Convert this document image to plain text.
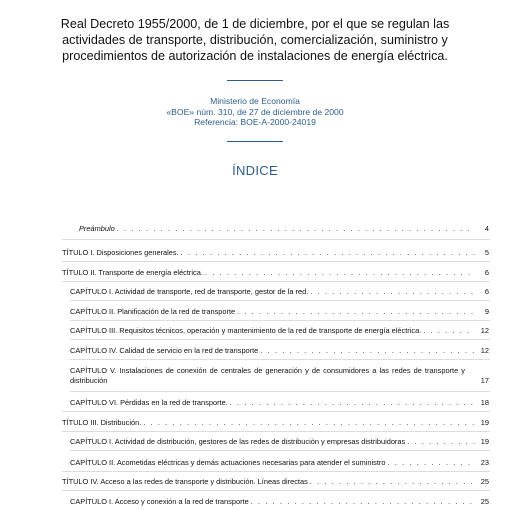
Real Decreto 1955/2000, de 1 de diciembre, por el que se regulan las
actividades de transporte, distribución, comercialización, suministro y
procedimientos de autorización de instalaciones de energía eléctrica.
Ministerio de Economía
«BOE» núm. 310, de 27 de diciembre de 2000
Referencia: BOE-A-2000-24019
ÍNDICE
Preámbulo . . .	4
TÍTULO I. Disposiciones generales. . . .	5
TÍTULO II. Transporte de energía eléctrica. . . .	6
CAPÍTULO I. Actividad de transporte, red de transporte, gestor de la red. . . .	6
CAPÍTULO II. Planificación de la red de transporte . . .	9
CAPÍTULO III. Requisitos técnicos, operación y mantenimiento de la red de transporte de energía eléctrica. . . .	12
CAPÍTULO IV. Calidad de servicio en la red de transporte . . .	12
CAPÍTULO V. Instalaciones de conexión de centrales de generación y de consumidores a las redes de transporte y distribución	17
CAPÍTULO VI. Pérdidas en la red de transporte. . . .	18
TÍTULO III. Distribución. . . .	19
CAPÍTULO I. Actividad de distribución, gestores de las redes de distribución y empresas distribuidoras . . .	19
CAPÍTULO II. Acometidas eléctricas y demás actuaciones necesarias para atender el suministro . . .	23
TÍTULO IV. Acceso a las redes de transporte y distribución. Líneas directas . . .	25
CAPÍTULO I. Acceso y conexión a la red de transporte . . .	25
